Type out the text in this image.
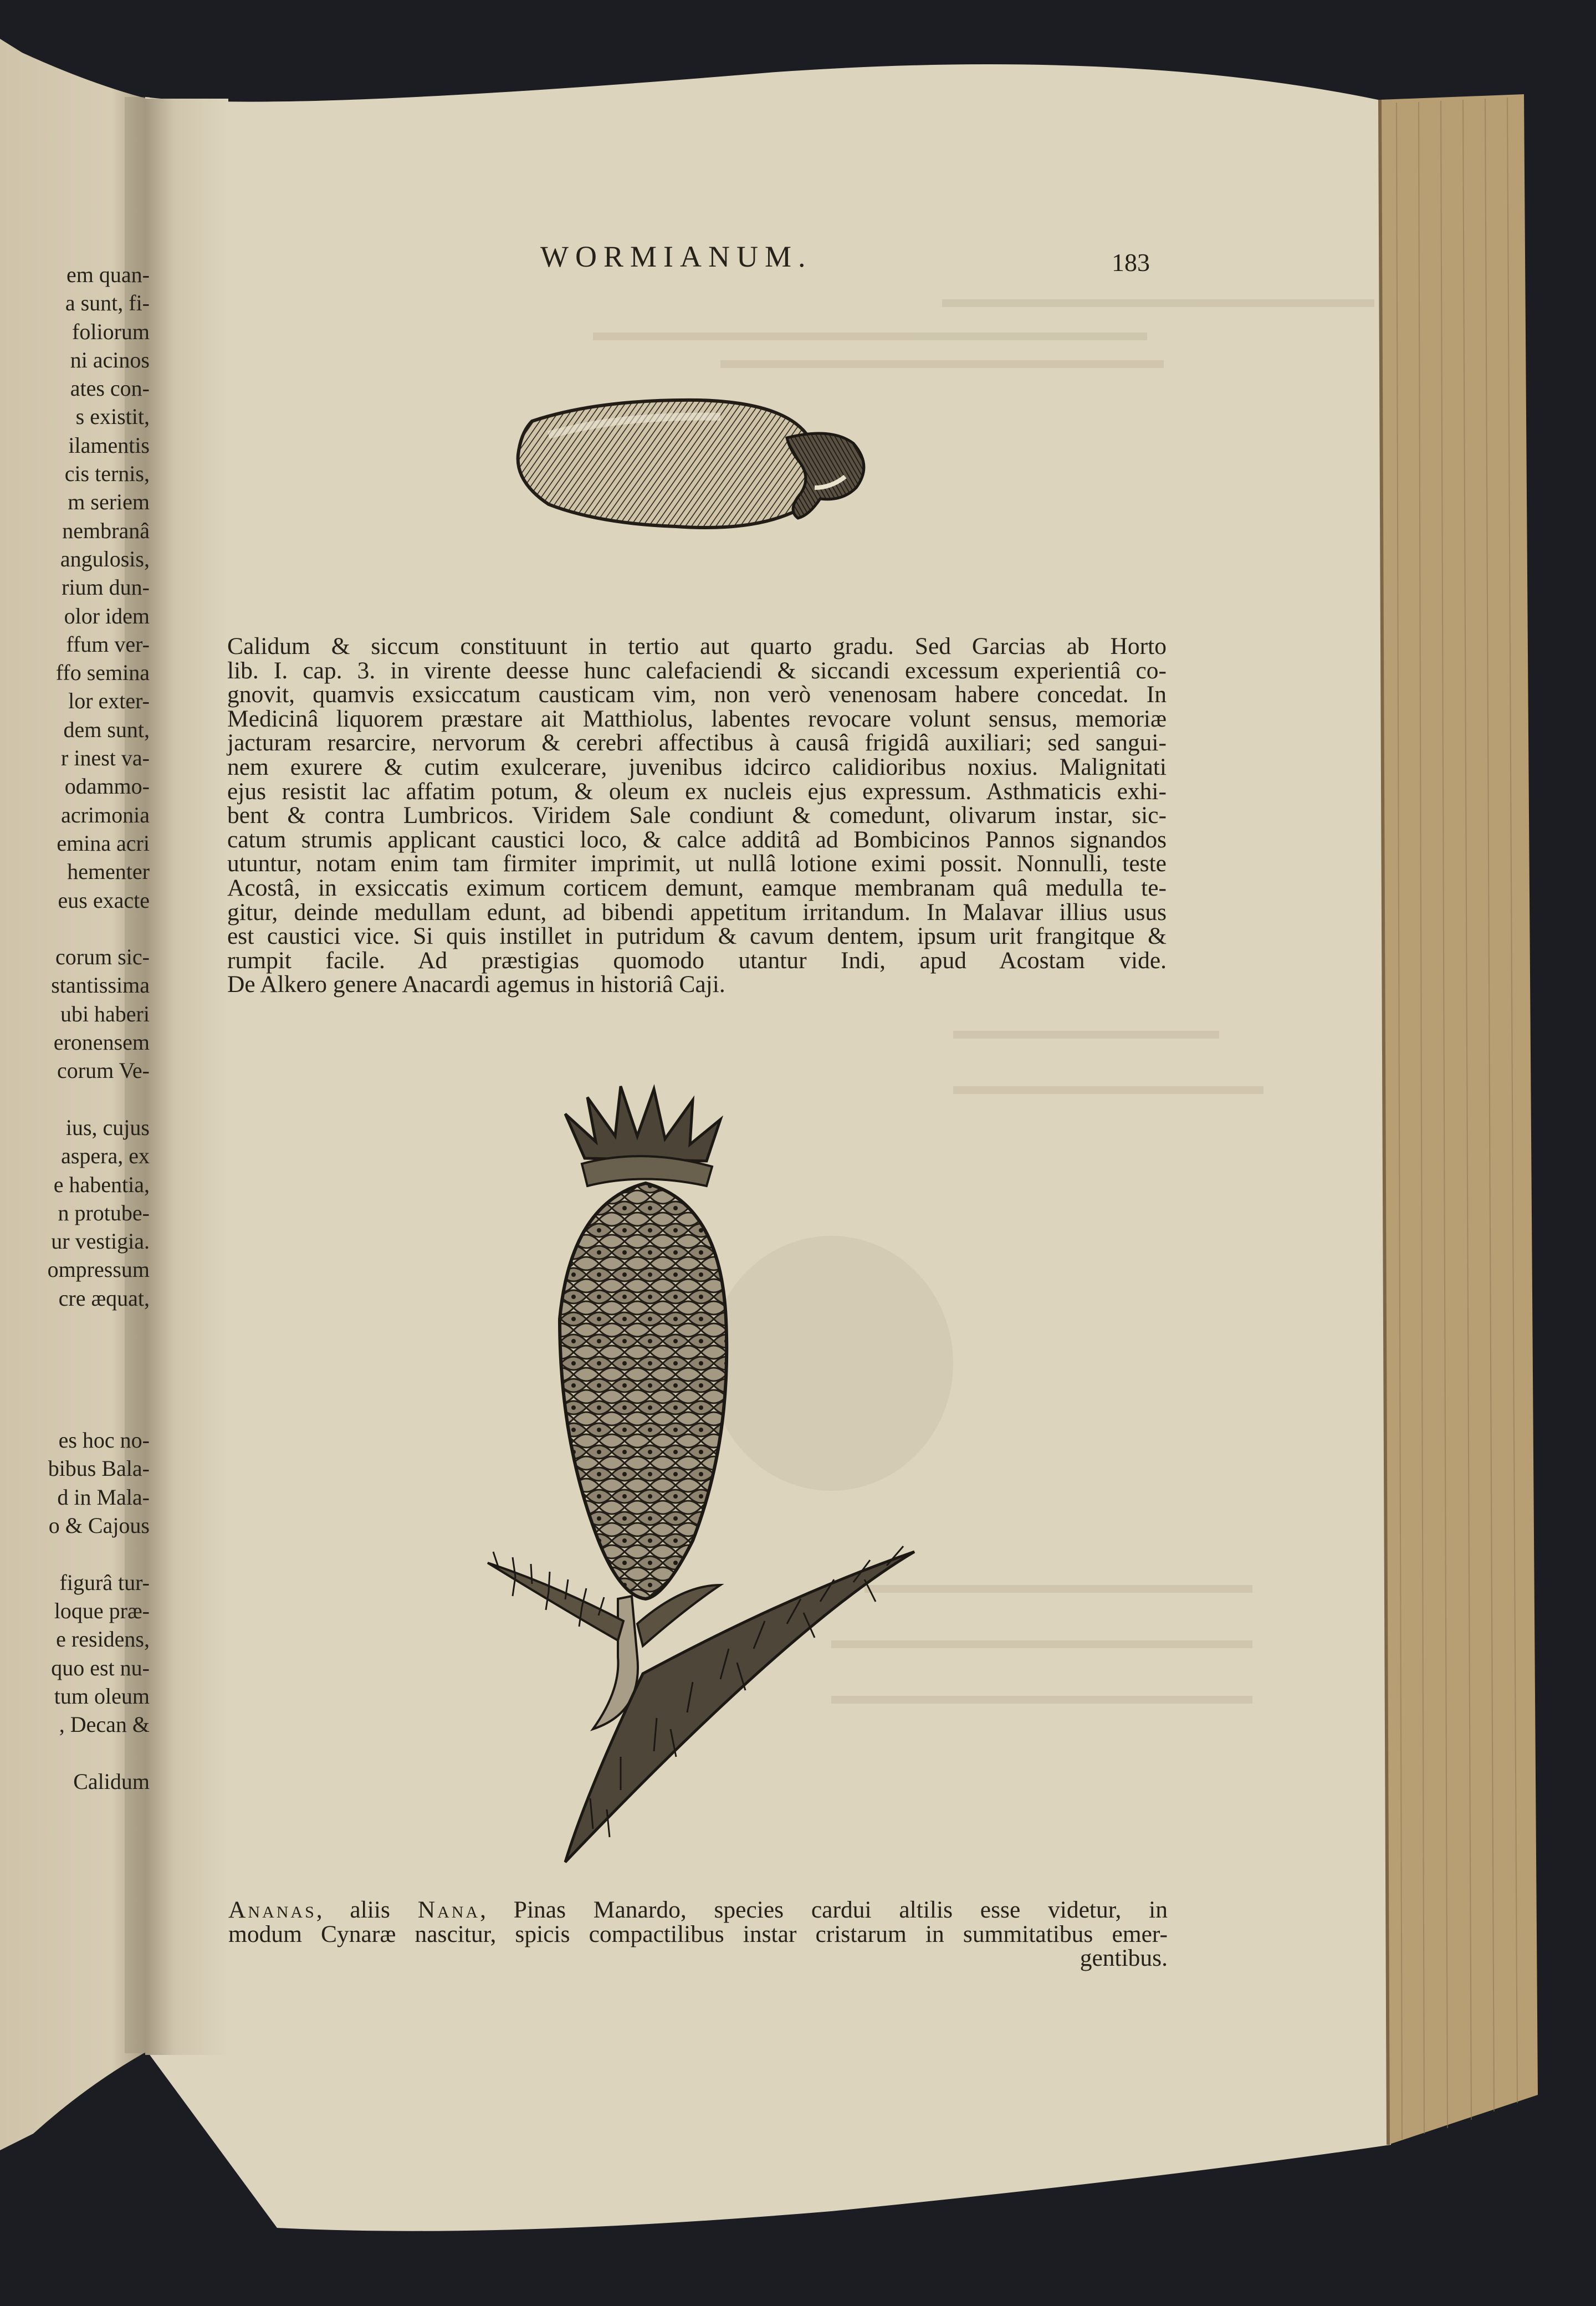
em quan-
a sunt, fi-
foliorum
ni acinos
ates con-
s existit,
ilamentis
cis ternis,
m seriem
nembranâ
angulosis,
rium dun-
olor idem
ffum ver-
ffo semina
lor exter-
dem sunt,
r inest va-
odammo-
acrimonia
emina acri
hementer
eus exacte
corum sic-
stantissima
ubi haberi
eronensem
corum Ve-
ius, cujus
aspera, ex
e habentia,
n protube-
ur vestigia.
ompressum
cre æquat,
es hoc no-
bibus Bala-
d in Mala-
o & Cajous
figurâ tur-
loque præ-
e residens,
quo est nu-
tum oleum
, Decan &
Calidum
WORMIANUM.	183
Calidum & siccum constituunt in tertio aut quarto gradu. Sed Garcias ab Horto
lib. I. cap. 3. in virente deesse hunc calefaciendi & siccandi excessum experientiâ co-
gnovit, quamvis exsiccatum causticam vim, non verò venenosam habere concedat. In
Medicinâ liquorem præstare ait Matthiolus, labentes revocare volunt sensus, memoriæ
jacturam resarcire, nervorum & cerebri affectibus à causâ frigidâ auxiliari; sed sangui-
nem exurere & cutim exulcerare, juvenibus idcirco calidioribus noxius. Malignitati
ejus resistit lac affatim potum, & oleum ex nucleis ejus expressum. Asthmaticis exhi-
bent & contra Lumbricos. Viridem Sale condiunt & comedunt, olivarum instar, sic-
catum strumis applicant caustici loco, & calce additâ ad Bombicinos Pannos signandos
utuntur, notam enim tam firmiter imprimit, ut nullâ lotione eximi possit. Nonnulli, teste
Acostâ, in exsiccatis eximum corticem demunt, eamque membranam quâ medulla te-
gitur, deinde medullam edunt, ad bibendi appetitum irritandum. In Malavar illius usus
est caustici vice. Si quis instillet in putridum & cavum dentem, ipsum urit frangitque &
rumpit facile. Ad præstigias quomodo utantur Indi, apud Acostam vide.
De Alkero genere Anacardi agemus in historiâ Caji.
Ananas, aliis Nana, Pinas Manardo, species cardui altilis esse videtur, in
modum Cynaræ nascitur, spicis compactilibus instar cristarum in summitatibus emer-
gentibus.
